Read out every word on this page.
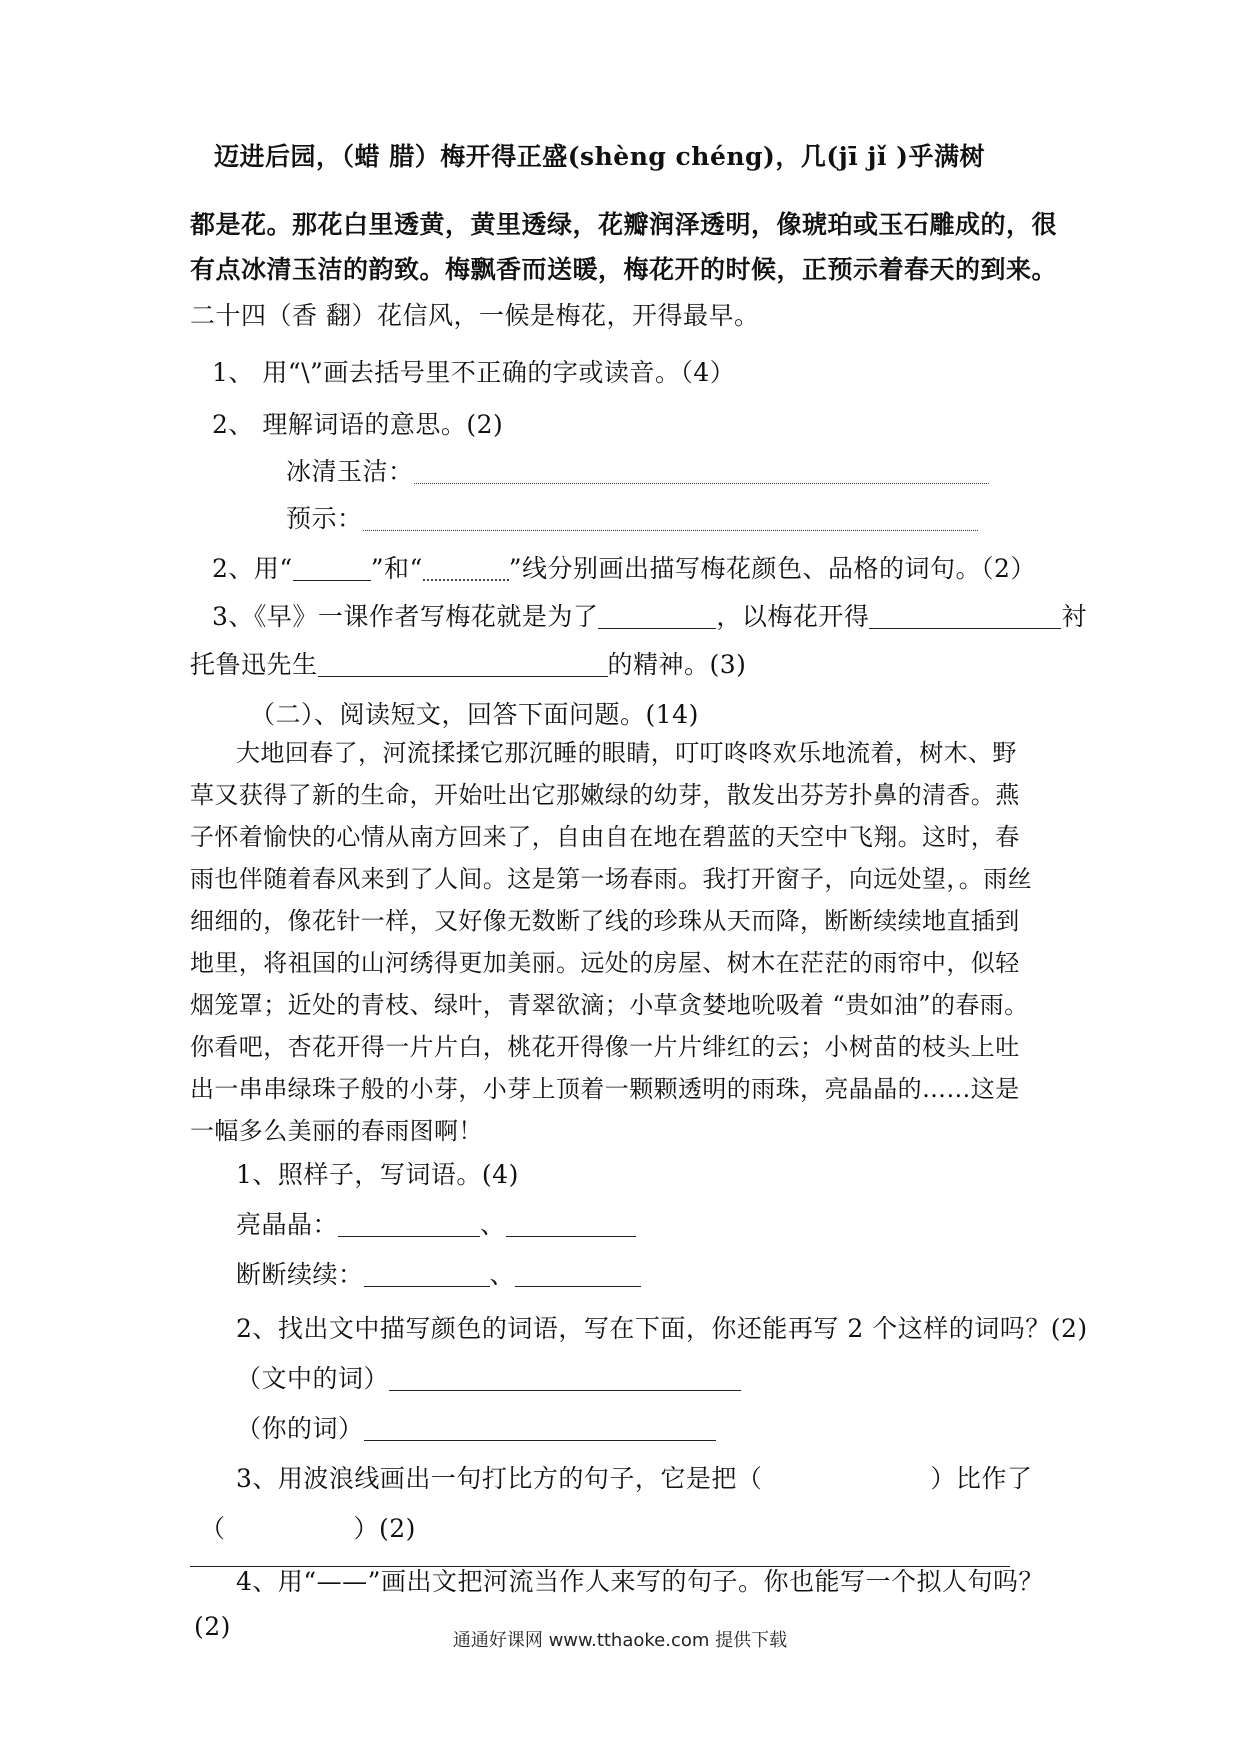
迈进后园，（蜡 腊）梅开得正盛(shèng chéng)，几(jī jǐ )乎满树
都是花。那花白里透黄，黄里透绿，花瓣润泽透明，像琥珀或玉石雕成的，很
有点冰清玉洁的韵致。梅飘香而送暖，梅花开的时候，正预示着春天的到来。
二十四（香 翻）花信风，一候是梅花，开得最早。
1、 用“\”画去括号里不正确的字或读音。（4）
2、 理解词语的意思。(2)
冰清玉洁：
预示：
2、用“	”和“	”线分别画出描写梅花颜色、品格的词句。（2）
3、《早》一课作者写梅花就是为了	，以梅花开得	衬
托鲁迅先生	的精神。(3)
（二）、阅读短文，回答下面问题。(14)
大地回春了，河流揉揉它那沉睡的眼睛，叮叮咚咚欢乐地流着，树木、野
草又获得了新的生命，开始吐出它那嫩绿的幼芽，散发出芬芳扑鼻的清香。燕
子怀着愉快的心情从南方回来了，自由自在地在碧蓝的天空中飞翔。这时，春
雨也伴随着春风来到了人间。这是第一场春雨。我打开窗子，向远处望，。雨丝
细细的，像花针一样，又好像无数断了线的珍珠从天而降，断断续续地直插到
地里，将祖国的山河绣得更加美丽。远处的房屋、树木在茫茫的雨帘中，似轻
烟笼罩；近处的青枝、绿叶，青翠欲滴；小草贪婪地吮吸着 “贵如油”的春雨。
你看吧，杏花开得一片片白，桃花开得像一片片绯红的云；小树苗的枝头上吐
出一串串绿珠子般的小芽，小芽上顶着一颗颗透明的雨珠，亮晶晶的……这是
一幅多么美丽的春雨图啊！
1、照样子，写词语。(4)
亮晶晶：	、
断断续续：	、
2、找出文中描写颜色的词语，写在下面，你还能再写 2 个这样的词吗？(2)
（文中的词）
（你的词）
3、用波浪线画出一句打比方的句子，它是把（	）比作了
（	）(2)
4、用“——”画出文把河流当作人来写的句子。你也能写一个拟人句吗？
(2)	通通好课网 www.tthaoke.com 提供下载
